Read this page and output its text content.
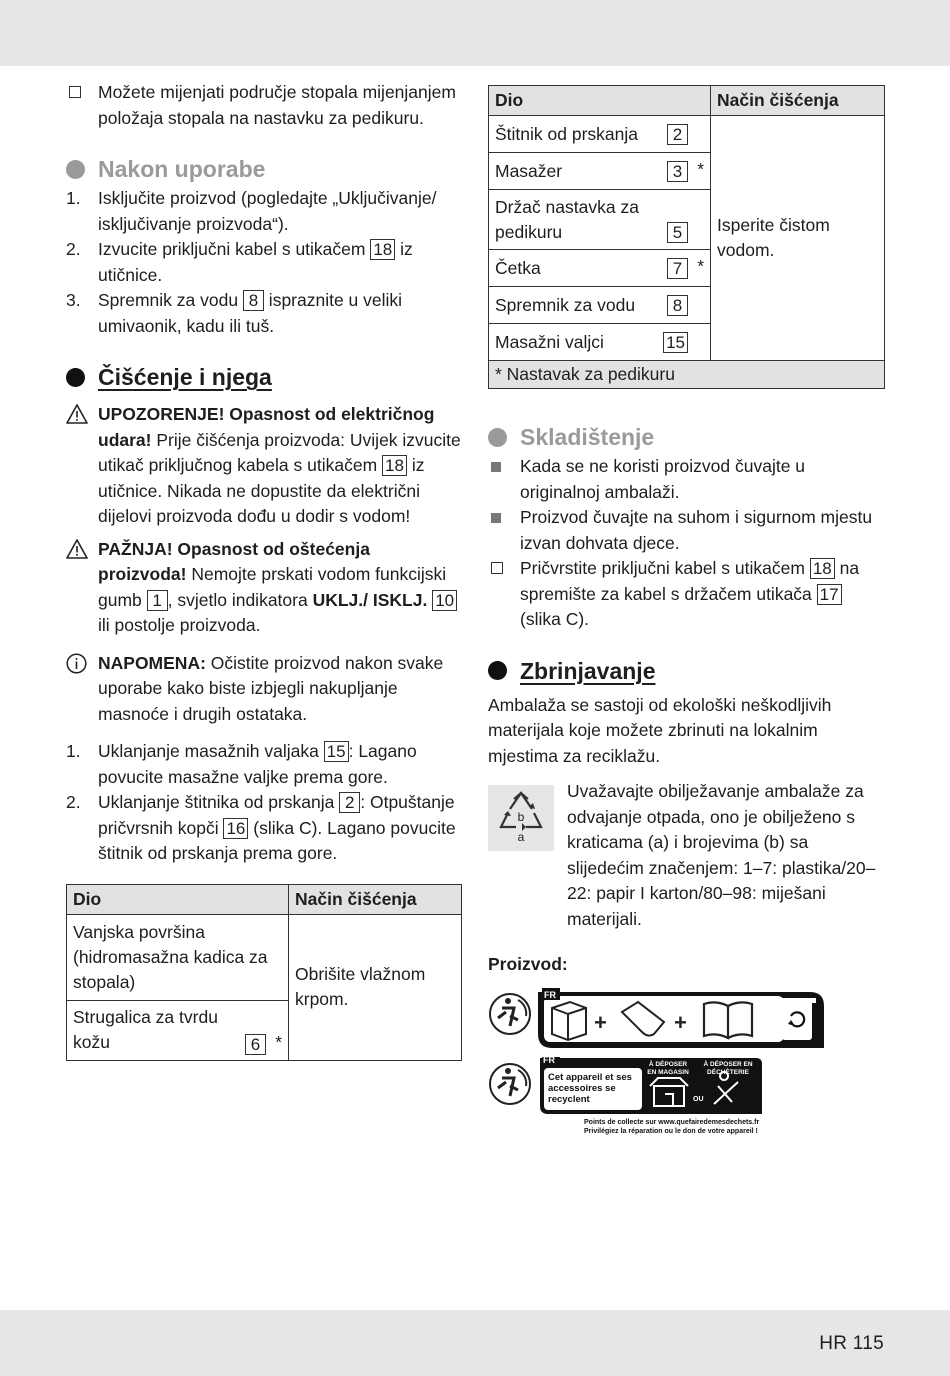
Možete mijenjati područje stopala mijenjanjem položaja stopala na nastavku za pedikuru.
Nakon uporabe
1. Isključite proizvod (pogledajte „Uključivanje/ isključivanje proizvoda“).
2. Izvucite priključni kabel s utikačem 18 iz utičnice.
3. Spremnik za vodu 8 ispraznite u veliki umivaonik, kadu ili tuš.
Čišćenje i njega
UPOZORENJE! Opasnost od električnog udara! Prije čišćenja proizvoda: Uvijek izvucite utikač priključnog kabela s utikačem 18 iz utičnice. Nikada ne dopustite da električni dijelovi proizvoda dođu u dodir s vodom!
PAŽNJA! Opasnost od oštećenja proizvoda! Nemojte prskati vodom funkcijski gumb 1 , svjetlo indikatora UKLJ./ ISKLJ. 10 ili postolje proizvoda.
NAPOMENA: Očistite proizvod nakon svake uporabe kako biste izbjegli nakupljanje masnoće i drugih ostataka.
1. Uklanjanje masažnih valjaka 15 : Lagano povucite masažne valjke prema gore.
2. Uklanjanje štitnika od prskanja 2 : Otpuštanje pričvrsnih kopči 16 (slika C). Lagano povucite štitnik od prskanja prema gore.
Dio	Način čišćenja
Vanjska površina (hidromasažna kadica za stopala)	Obrišite vlažnom krpom.
Strugalica za tvrdu kožu 6 *	
Dio	Način čišćenja
Štitnik od prskanja 2	Isperite čistom vodom.
Masažer 3 *	

Držač nastavka za pedikuru 5	

Četka 7 *	

Spremnik za vodu 8	

Masažni valjci 15	

* Nastavak za pedikuru	
Skladištenje
Kada se ne koristi proizvod čuvajte u originalnoj ambalaži.
Proizvod čuvajte na suhom i sigurnom mjestu izvan dohvata djece.
Pričvrstite priključni kabel s utikačem 18 na spremište za kabel s držačem utikača 17 (slika C).
Zbrinjavanje
Ambalaža se sastoji od ekološki neškodljivih materijala koje možete zbrinuti na lokalnim mjestima za reciklažu.
b
a
Uvažavajte obilježavanje ambalaže za odvajanje otpada, ono je obilježeno s kraticama (a) i brojevima (b) sa slijedećim značenjem: 1–7: plastika/20–22: papir I karton/80–98: miješani materijali.
Proizvod:
FR
+	+
FR
Cet appareil et ses accessoires se recyclent
À DÉPOSER EN MAGASIN
OU
À DÉPOSER EN DÉCHÈTERIE
Points de collecte sur www.quefairedemesdechets.fr
Privilégiez la réparation ou le don de votre appareil !
HR 115
